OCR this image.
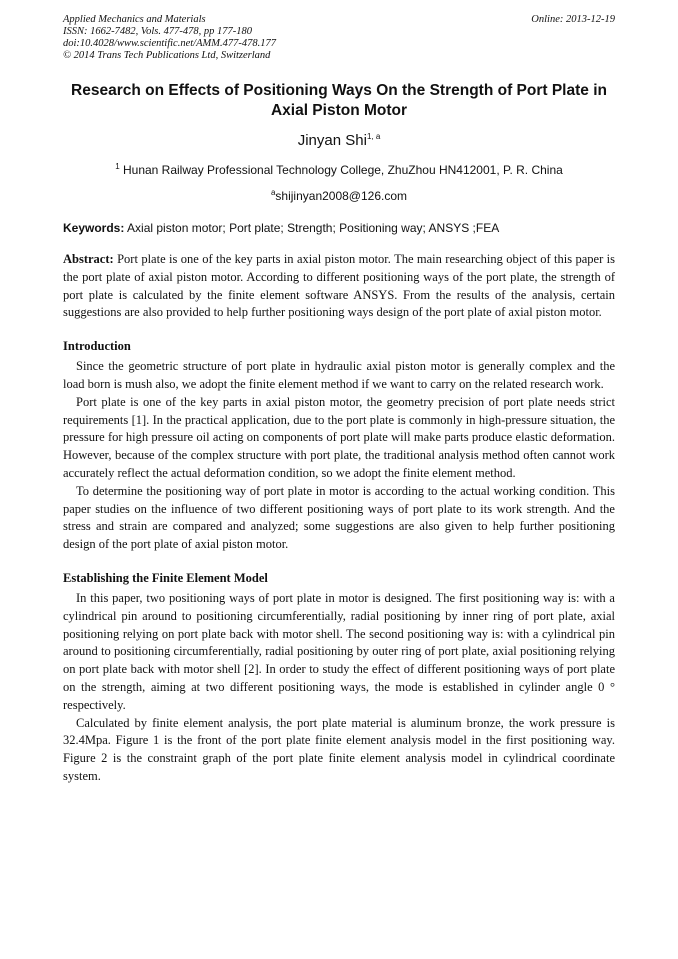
Applied Mechanics and Materials
ISSN: 1662-7482, Vols. 477-478, pp 177-180
doi:10.4028/www.scientific.net/AMM.477-478.177
© 2014 Trans Tech Publications Ltd, Switzerland
Online: 2013-12-19
Research on Effects of Positioning Ways On the Strength of Port Plate in Axial Piston Motor
Jinyan Shi$^{1, a}$
$^1$ Hunan Railway Professional Technology College, ZhuZhou HN412001, P. R. China
$^a$shijinyan2008@126.com
Keywords: Axial piston motor; Port plate; Strength; Positioning way; ANSYS ;FEA
Abstract: Port plate is one of the key parts in axial piston motor. The main researching object of this paper is the port plate of axial piston motor. According to different positioning ways of the port plate, the strength of port plate is calculated by the finite element software ANSYS. From the results of the analysis, certain suggestions are also provided to help further positioning ways design of the port plate of axial piston motor.
Introduction

Since the geometric structure of port plate in hydraulic axial piston motor is generally complex and the load born is mush also, we adopt the finite element method if we want to carry on the related research work.

Port plate is one of the key parts in axial piston motor, the geometry precision of port plate needs strict requirements [1]. In the practical application, due to the port plate is commonly in high-pressure situation, the pressure for high pressure oil acting on components of port plate will make parts produce elastic deformation. However, because of the complex structure with port plate, the traditional analysis method often cannot work accurately reflect the actual deformation condition, so we adopt the finite element method.

To determine the positioning way of port plate in motor is according to the actual working condition. This paper studies on the influence of two different positioning ways of port plate to its work strength. And the stress and strain are compared and analyzed; some suggestions are also given to help further positioning design of the port plate of axial piston motor.

Establishing the Finite Element Model

In this paper, two positioning ways of port plate in motor is designed. The first positioning way is: with a cylindrical pin around to positioning circumferentially, radial positioning by inner ring of port plate, axial positioning relying on port plate back with motor shell. The second positioning way is: with a cylindrical pin around to positioning circumferentially, radial positioning by outer ring of port plate, axial positioning relying on port plate back with motor shell [2]. In order to study the effect of different positioning ways of port plate on the strength, aiming at two different positioning ways, the mode is established in cylinder angle 0 ° respectively.

Calculated by finite element analysis, the port plate material is aluminum bronze, the work pressure is 32.4Mpa. Figure 1 is the front of the port plate finite element analysis model in the first positioning way. Figure 2 is the constraint graph of the port plate finite element analysis model in cylindrical coordinate system.
